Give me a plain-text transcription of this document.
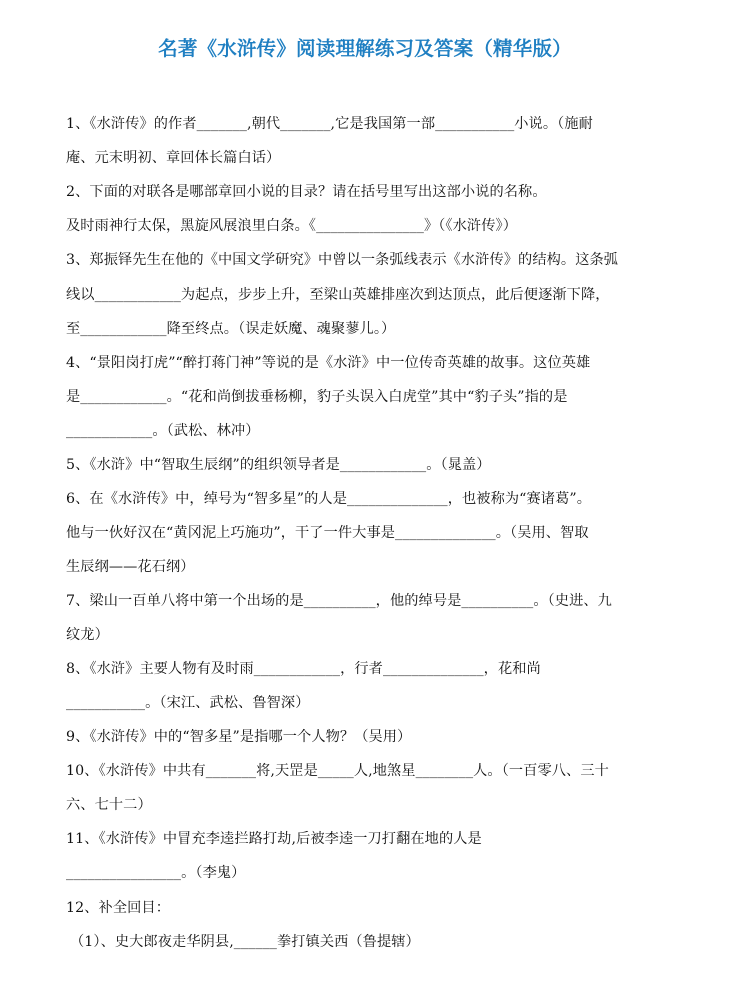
名著《水浒传》阅读理解练习及答案（精华版）
1、《水浒传》的作者_______,朝代_______,它是我国第一部___________小说。（施耐
庵、元末明初、章回体长篇白话）
2、下面的对联各是哪部章回小说的目录？请在括号里写出这部小说的名称。
及时雨神行太保，黑旋风展浪里白条。《_______________》（《水浒传》）
3、郑振铎先生在他的《中国文学研究》中曾以一条弧线表示《水浒传》的结构。这条弧
线以____________为起点，步步上升，至梁山英雄排座次到达顶点，此后便逐渐下降，
至____________降至终点。（误走妖魔、魂聚蓼儿。）
4、“景阳岗打虎”“醉打蒋门神”等说的是《水浒》中一位传奇英雄的故事。这位英雄
是____________。“花和尚倒拔垂杨柳，豹子头误入白虎堂”其中“豹子头”指的是
____________。（武松、林冲）
5、《水浒》中“智取生辰纲”的组织领导者是____________。（晁盖）
6、在《水浒传》中，绰号为“智多星”的人是______________，也被称为“赛诸葛”。
他与一伙好汉在“黄冈泥上巧施功”，干了一件大事是______________。（吴用、智取
生辰纲——花石纲）
7、梁山一百单八将中第一个出场的是__________，他的绰号是__________。（史进、九
纹龙）
8、《水浒》主要人物有及时雨____________，行者______________，花和尚
___________。（宋江、武松、鲁智深）
9、《水浒传》中的“智多星”是指哪一个人物？（吴用）
10、《水浒传》中共有_______将,天罡是_____人,地煞星________人。（一百零八、三十
六、七十二）
11、《水浒传》中冒充李逵拦路打劫,后被李逵一刀打翻在地的人是
________________。（李鬼）
12、补全回目：
（1）、史大郎夜走华阴县,______拳打镇关西（鲁提辖）
